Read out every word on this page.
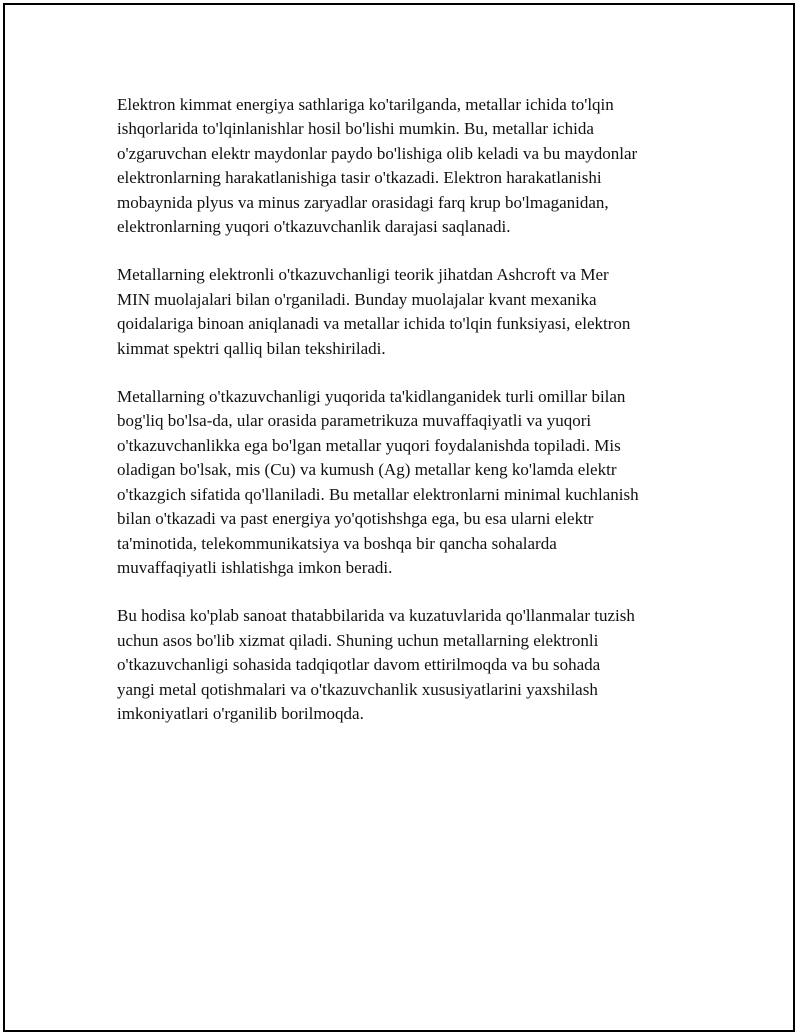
Elektron kimmat energiya sathlariga ko'tarilganda, metallar ichida to'lqin
ishqorlarida to'lqinlanishlar hosil bo'lishi mumkin. Bu, metallar ichida
o'zgaruvchan elektr maydonlar paydo bo'lishiga olib keladi va bu maydonlar
elektronlarning harakatlanishiga tasir o'tkazadi. Elektron harakatlanishi
mobaynida plyus va minus zaryadlar orasidagi farq krup bo'lmaganidan,
elektronlarning yuqori o'tkazuvchanlik darajasi saqlanadi.

Metallarning elektronli o'tkazuvchanligi teorik jihatdan Ashcroft va Mer
MIN muolajalari bilan o'rganiladi. Bunday muolajalar kvant mexanika
qoidalariga binoan aniqlanadi va metallar ichida to'lqin funksiyasi, elektron
kimmat spektri qalliq bilan tekshiriladi.

Metallarning o'tkazuvchanligi yuqorida ta'kidlanganidek turli omillar bilan
bog'liq bo'lsa-da, ular orasida parametrikuza muvaffaqiyatli va yuqori
o'tkazuvchanlikka ega bo'lgan metallar yuqori foydalanishda topiladi. Mis
oladigan bo'lsak, mis (Cu) va kumush (Ag) metallar keng ko'lamda elektr
o'tkazgich sifatida qo'llaniladi. Bu metallar elektronlarni minimal kuchlanish
bilan o'tkazadi va past energiya yo'qotishshga ega, bu esa ularni elektr
ta'minotida, telekommunikatsiya va boshqa bir qancha sohalarda
muvaffaqiyatli ishlatishga imkon beradi.

Bu hodisa ko'plab sanoat thatabbilarida va kuzatuvlarida qo'llanmalar tuzish
uchun asos bo'lib xizmat qiladi. Shuning uchun metallarning elektronli
o'tkazuvchanligi sohasida tadqiqotlar davom ettirilmoqda va bu sohada
yangi metal qotishmalari va o'tkazuvchanlik xususiyatlarini yaxshilash
imkoniyatlari o'rganilib borilmoqda.
